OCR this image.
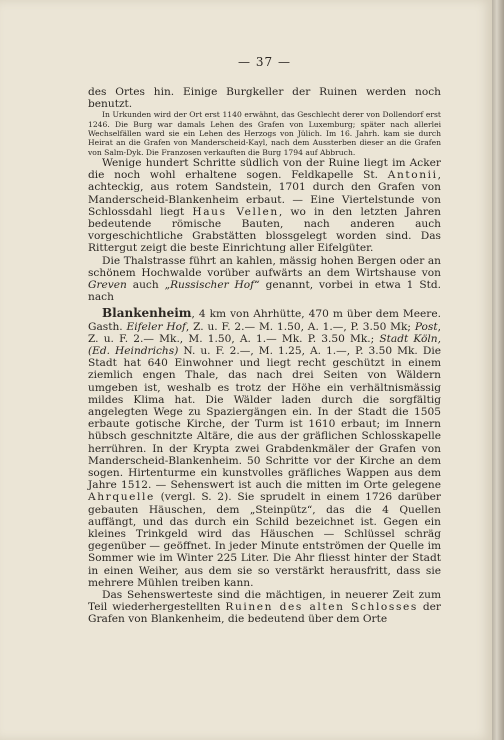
— 37 —

des Ortes hin. Einige Burgkeller der Ruinen werden noch benutzt.

In Urkunden wird der Ort erst 1140 erwähnt, das Geschlecht derer von Dollendorf erst 1246. Die Burg war damals Lehen des Grafen von Luxemburg; später nach allerlei Wechselfällen ward sie ein Lehen des Herzogs von Jülich. Im 16. Jahrh. kam sie durch Heirat an die Grafen von Manderscheid-Kayl, nach dem Aussterben dieser an die Grafen von Salm-Dyk. Die Franzosen verkauften die Burg 1794 auf Abbruch.

Wenige hundert Schritte südlich von der Ruine liegt im Acker die noch wohl erhaltene sogen. Feldkapelle St. Antonii, achteckig, aus rotem Sandstein, 1701 durch den Grafen von Manderscheid-Blankenheim erbaut. — Eine Viertelstunde von Schlossdahl liegt Haus Vellen, wo in den letzten Jahren bedeutende römische Bauten, nach anderen auch vorgeschichtliche Grabstätten blossgelegt worden sind. Das Rittergut zeigt die beste Einrichtung aller Eifelgüter.

Die Thalstrasse führt an kahlen, mässig hohen Bergen oder an schönem Hochwalde vorüber aufwärts an dem Wirtshause von Greven auch „Russischer Hof“ genannt, vorbei in etwa 1 Std. nach

Blankenheim, 4 km von Ahrhütte, 470 m über dem Meere. Gasth. Eifeler Hof, Z. u. F. 2.— M. 1.50, A. 1.—, P. 3.50 Mk; Post, Z. u. F. 2.— Mk., M. 1.50, A. 1.— Mk. P. 3.50 Mk.; Stadt Köln, (Ed. Heindrichs) N. u. F. 2.—, M. 1.25, A. 1.—, P. 3.50 Mk. Die Stadt hat 640 Einwohner und liegt recht geschützt in einem ziemlich engen Thale, das nach drei Seiten von Wäldern umgeben ist, weshalb es trotz der Höhe ein verhältnismässig mildes Klima hat. Die Wälder laden durch die sorgfältig angelegten Wege zu Spaziergängen ein. In der Stadt die 1505 erbaute gotische Kirche, der Turm ist 1610 erbaut; im Innern hübsch geschnitzte Altäre, die aus der gräflichen Schlosskapelle herrühren. In der Krypta zwei Grabdenkmäler der Grafen von Manderscheid-Blankenheim. 50 Schritte vor der Kirche an dem sogen. Hirtenturme ein kunstvolles gräfliches Wappen aus dem Jahre 1512. — Sehenswert ist auch die mitten im Orte gelegene Ahrquelle (vergl. S. 2). Sie sprudelt in einem 1726 darüber gebauten Häuschen, dem „Steinpütz“, das die 4 Quellen auffängt, und das durch ein Schild bezeichnet ist. Gegen ein kleines Trinkgeld wird das Häuschen — Schlüssel schräg gegenüber — geöffnet. In jeder Minute entströmen der Quelle im Sommer wie im Winter 225 Liter. Die Ahr fliesst hinter der Stadt in einen Weiher, aus dem sie so verstärkt herausfritt, dass sie mehrere Mühlen treiben kann.

Das Sehenswerteste sind die mächtigen, in neuerer Zeit zum Teil wiederhergestellten Ruinen des alten Schlosses der Grafen von Blankenheim, die bedeutend über dem Orte
